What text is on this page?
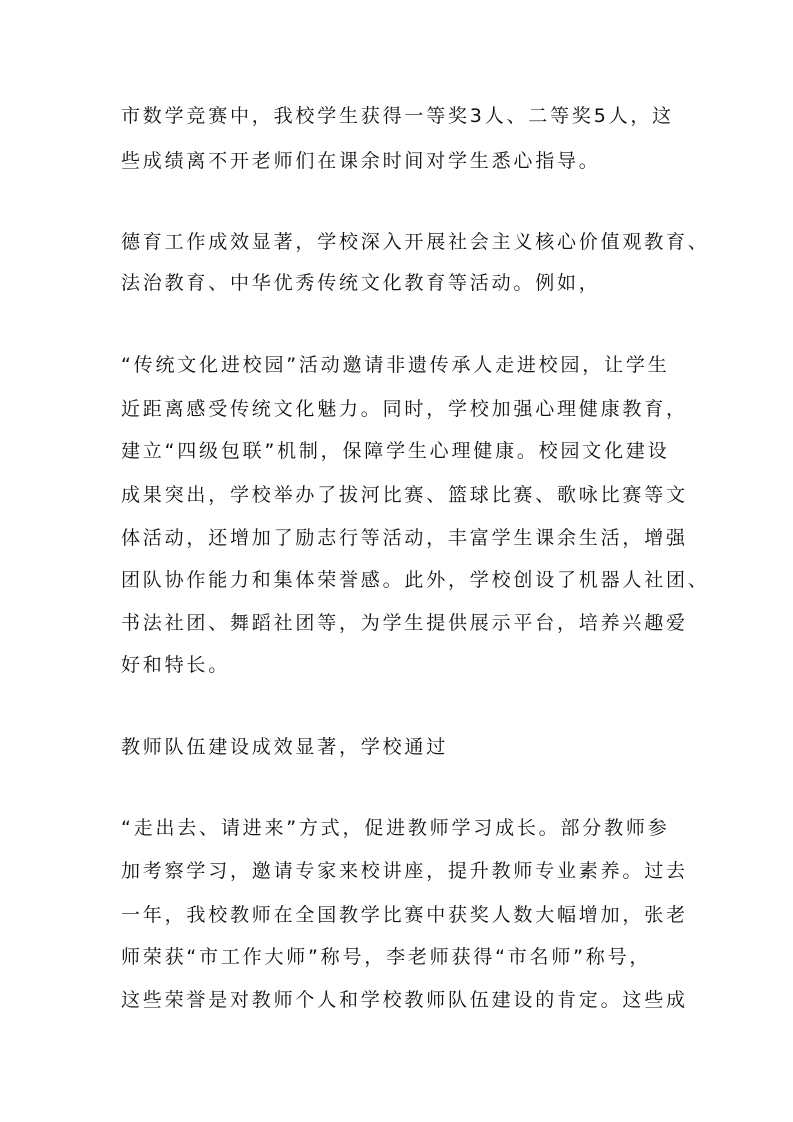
市数学竞赛中，我校学生获得一等奖3人、二等奖5人，这
些成绩离不开老师们在课余时间对学生悉心指导。
德育工作成效显著，学校深入开展社会主义核心价值观教育、
法治教育、中华优秀传统文化教育等活动。例如，
“传统文化进校园”活动邀请非遗传承人走进校园，让学生
近距离感受传统文化魅力。同时，学校加强心理健康教育，
建立“四级包联”机制，保障学生心理健康。校园文化建设
成果突出，学校举办了拔河比赛、篮球比赛、歌咏比赛等文
体活动，还增加了励志行等活动，丰富学生课余生活，增强
团队协作能力和集体荣誉感。此外，学校创设了机器人社团、
书法社团、舞蹈社团等，为学生提供展示平台，培养兴趣爱
好和特长。
教师队伍建设成效显著，学校通过
“走出去、请进来”方式，促进教师学习成长。部分教师参
加考察学习，邀请专家来校讲座，提升教师专业素养。过去
一年，我校教师在全国教学比赛中获奖人数大幅增加，张老
师荣获“市工作大师”称号，李老师获得“市名师”称号，
这些荣誉是对教师个人和学校教师队伍建设的肯定。这些成
